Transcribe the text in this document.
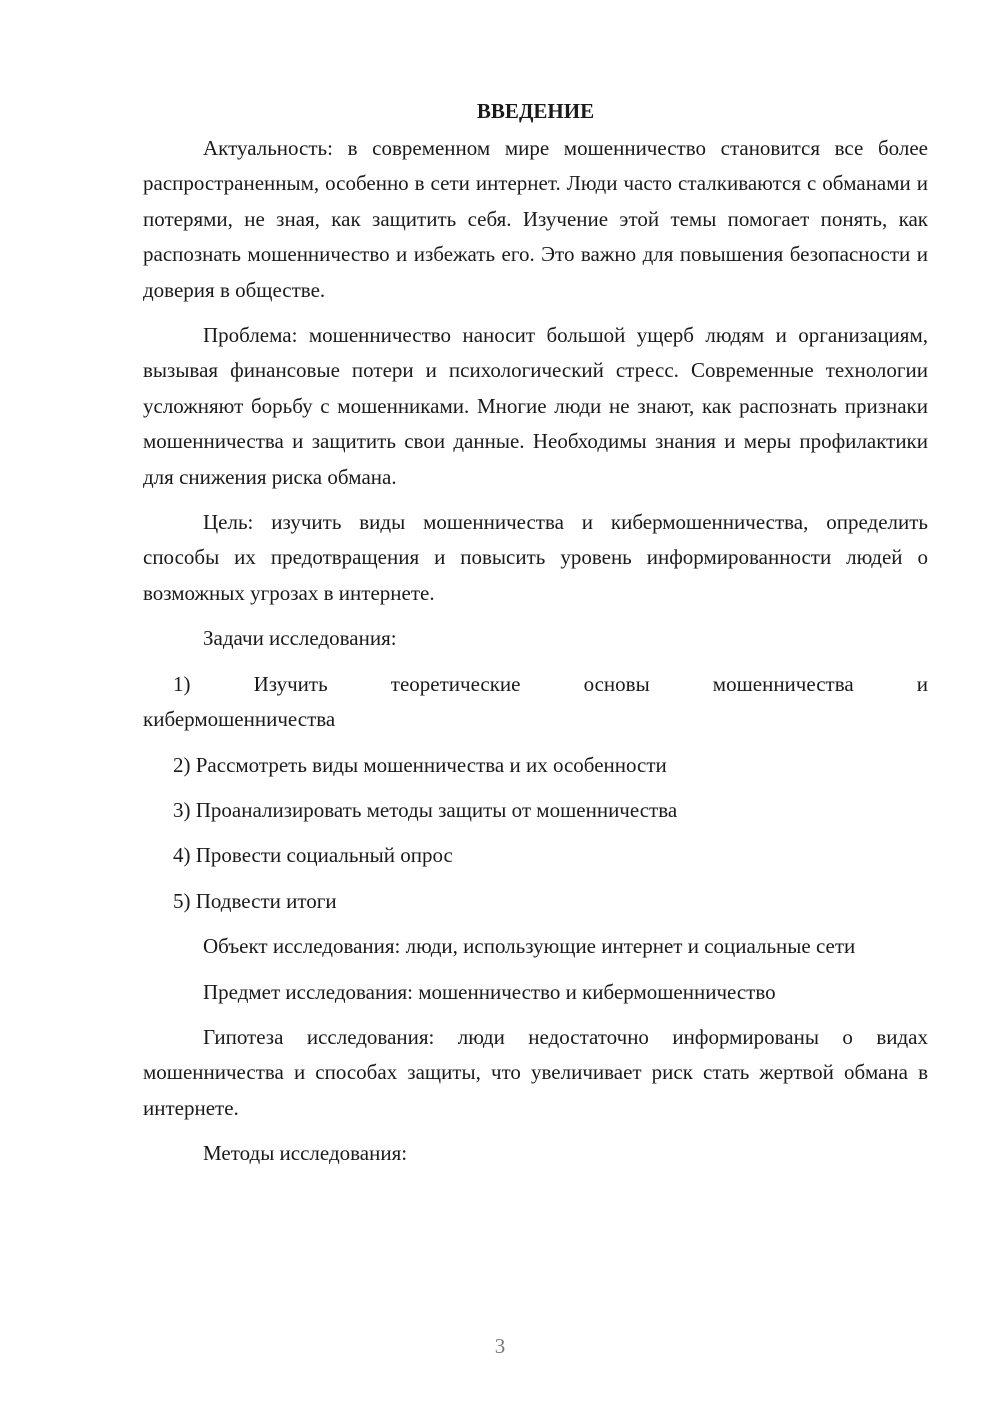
ВВЕДЕНИЕ

Актуальность: в современном мире мошенничество становится все более распространенным, особенно в сети интернет. Люди часто сталкиваются с обманами и потерями, не зная, как защитить себя. Изучение этой темы помогает понять, как распознать мошенничество и избежать его. Это важно для повышения безопасности и доверия в обществе.

Проблема: мошенничество наносит большой ущерб людям и организациям, вызывая финансовые потери и психологический стресс. Современные технологии усложняют борьбу с мошенниками. Многие люди не знают, как распознать признаки мошенничества и защитить свои данные. Необходимы знания и меры профилактики для снижения риска обмана.

Цель: изучить виды мошенничества и кибермошенничества, определить способы их предотвращения и повысить уровень информированности людей о возможных угрозах в интернете.

Задачи исследования:

1) Изучить теоретические основы мошенничества и кибермошенничества

2) Рассмотреть виды мошенничества и их особенности

3) Проанализировать методы защиты от мошенничества

4) Провести социальный опрос

5) Подвести итоги

Объект исследования: люди, использующие интернет и социальные сети

Предмет исследования: мошенничество и кибермошенничество

Гипотеза исследования: люди недостаточно информированы о видах мошенничества и способах защиты, что увеличивает риск стать жертвой обмана в интернете.

Методы исследования:

3
